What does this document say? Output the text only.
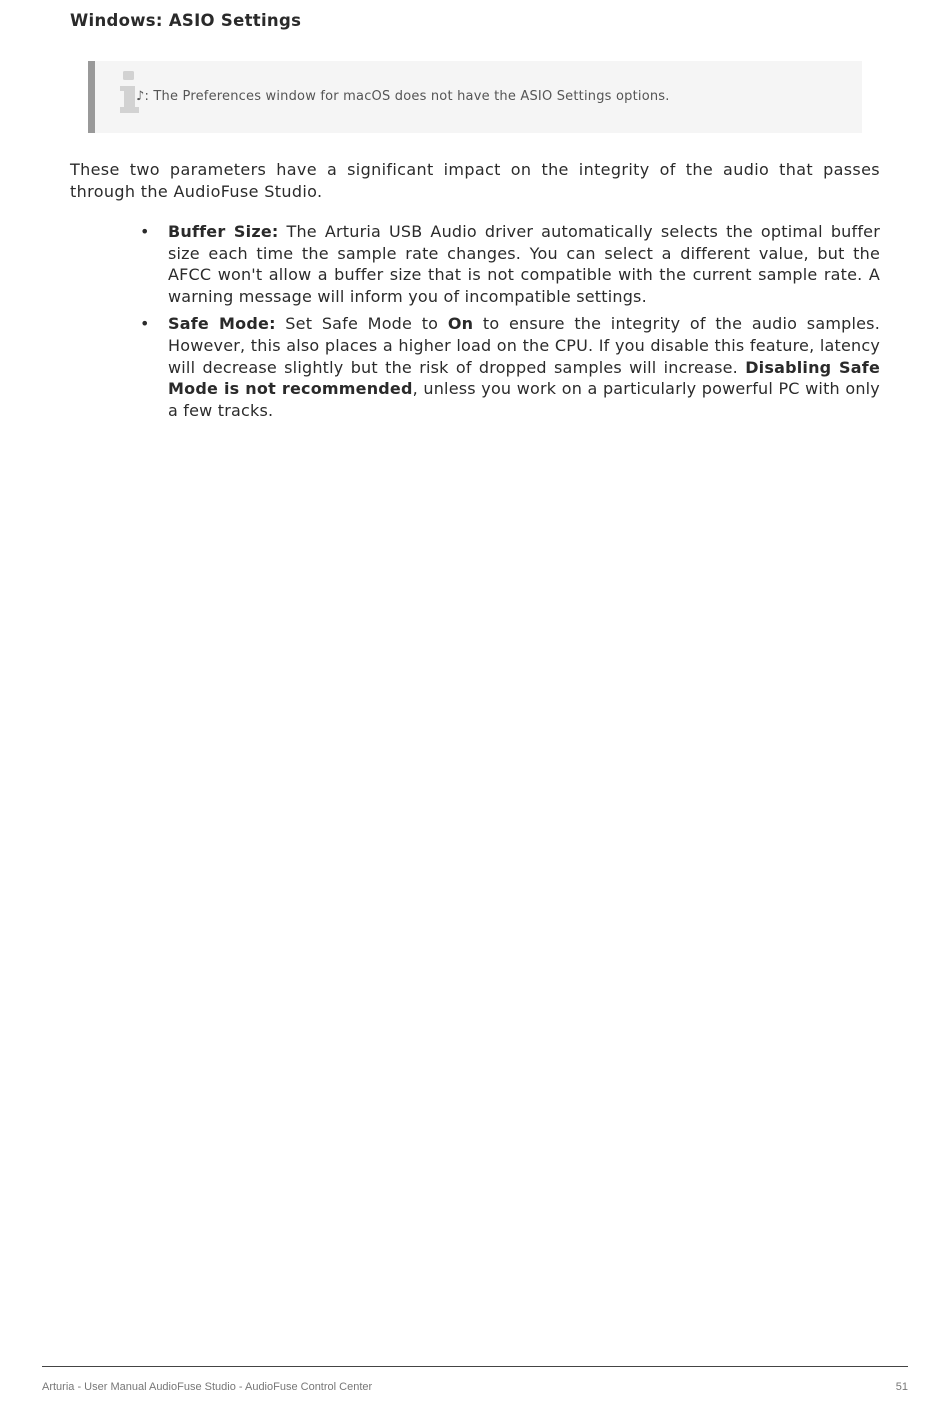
Windows: ASIO Settings
♪: The Preferences window for macOS does not have the ASIO Settings options.

These two parameters have a significant impact on the integrity of the audio that passes through the AudioFuse Studio.

• Buffer Size: The Arturia USB Audio driver automatically selects the optimal buffer size each time the sample rate changes. You can select a different value, but the AFCC won't allow a buffer size that is not compatible with the current sample rate. A warning message will inform you of incompatible settings.
• Safe Mode: Set Safe Mode to On to ensure the integrity of the audio samples. However, this also places a higher load on the CPU. If you disable this feature, latency will decrease slightly but the risk of dropped samples will increase. Disabling Safe Mode is not recommended, unless you work on a particularly powerful PC with only a few tracks.
Arturia - User Manual AudioFuse Studio - AudioFuse Control Center	51
